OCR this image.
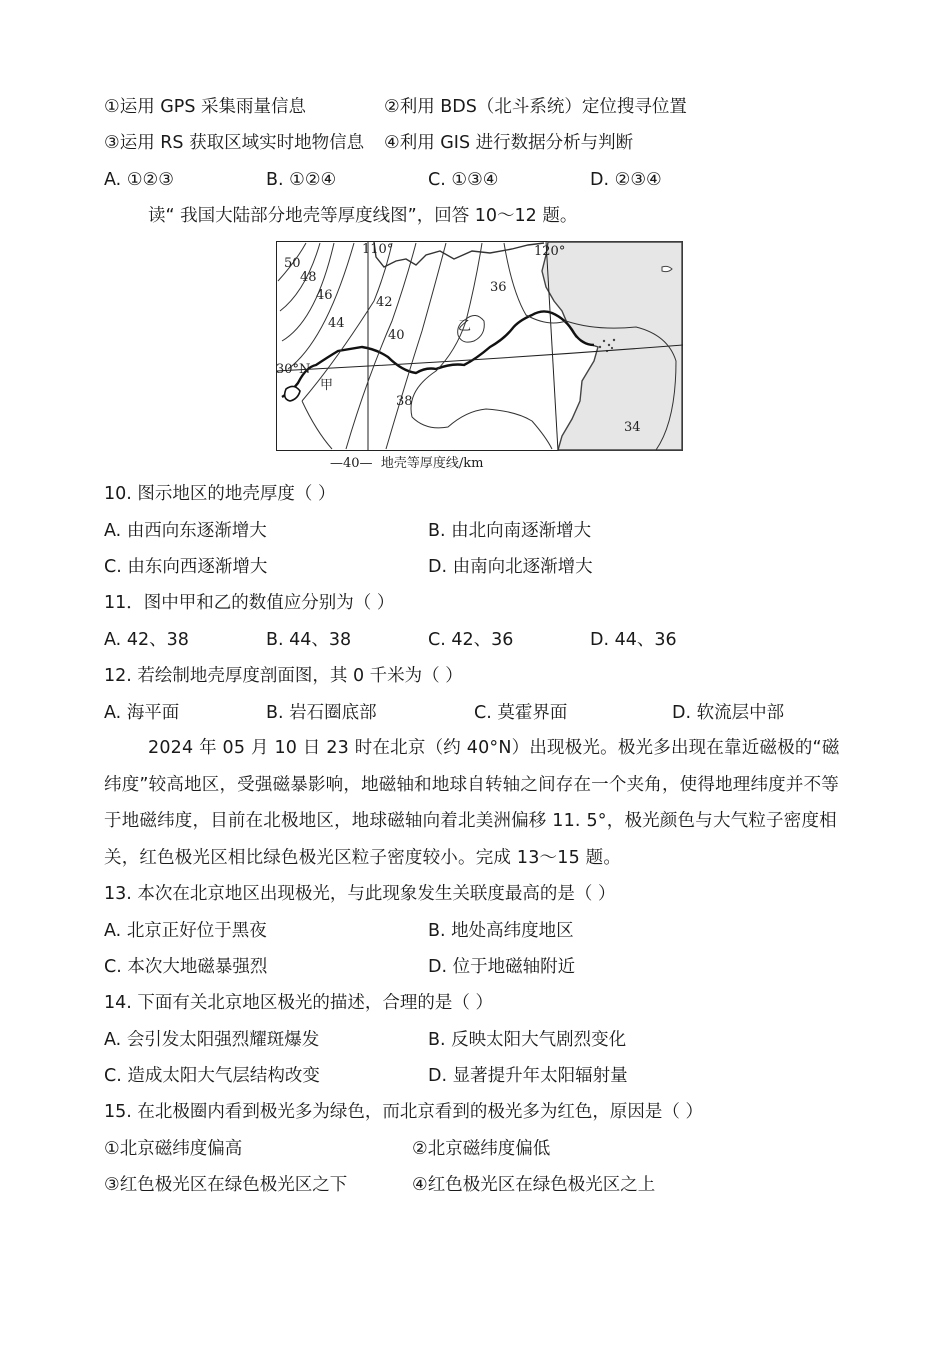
①运用 GPS 采集雨量信息	②利用 BDS（北斗系统）定位搜寻位置
③运用 RS 获取区域实时地物信息 ④利用 GIS 进行数据分析与判断
A. ①②③	B. ①②④	C. ①③④	D. ②③④
读“ 我国大陆部分地壳等厚度线图”，回答 10～12 题。
110°	120°
30°N
甲
乙
50
48
46
44
42
40
38
36
34
—40— 地壳等厚度线/km
10. 图示地区的地壳厚度（ ）
A. 由西向东逐渐增大	B. 由北向南逐渐增大
C. 由东向西逐渐增大	D. 由南向北逐渐增大
11．图中甲和乙的数值应分别为（ ）
A. 42、38	B. 44、38	C. 42、36	D. 44、36
12. 若绘制地壳厚度剖面图，其 0 千米为（ ）
A. 海平面	B. 岩石圈底部	C. 莫霍界面	D. 软流层中部
2024 年 05 月 10 日 23 时在北京（约 40°N）出现极光。极光多出现在靠近磁极的“磁纬度”较高地区，受强磁暴影响，地磁轴和地球自转轴之间存在一个夹角，使得地理纬度并不等于地磁纬度，目前在北极地区，地球磁轴向着北美洲偏移 11. 5°，极光颜色与大气粒子密度相关，红色极光区相比绿色极光区粒子密度较小。完成 13～15 题。
13. 本次在北京地区出现极光，与此现象发生关联度最高的是（ ）
A. 北京正好位于黑夜	B. 地处高纬度地区
C. 本次大地磁暴强烈	D. 位于地磁轴附近
14. 下面有关北京地区极光的描述，合理的是（ ）
A. 会引发太阳强烈耀斑爆发	B. 反映太阳大气剧烈变化
C. 造成太阳大气层结构改变	D. 显著提升年太阳辐射量
15. 在北极圈内看到极光多为绿色，而北京看到的极光多为红色，原因是（ ）
①北京磁纬度偏高	②北京磁纬度偏低
③红色极光区在绿色极光区之下	④红色极光区在绿色极光区之上
